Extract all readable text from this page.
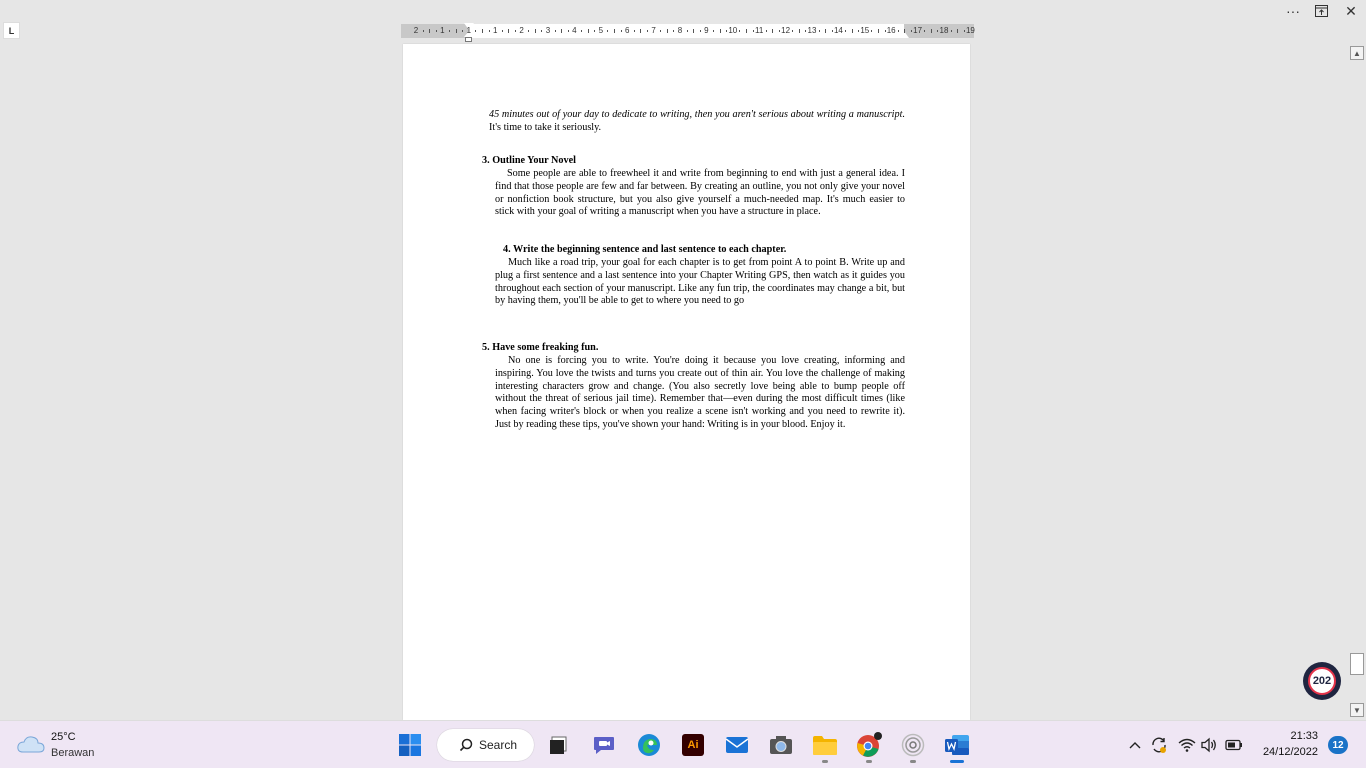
L
···	✕
2	1	1	1	2	3	4	5	6	7	8	9 10 11 12 13 14 15 16 17 18 19
45 minutes out of your day to dedicate to writing, then you aren't serious about writing a manuscript. It's time to take it seriously.
3. Outline Your Novel
Some people are able to freewheel it and write from beginning to end with just a general idea. I find that those people are few and far between. By creating an outline, you not only give your novel or nonfiction book structure, but you also give yourself a much-needed map. It's much easier to stick with your goal of writing a manuscript when you have a structure in place.
4. Write the beginning sentence and last sentence to each chapter.
Much like a road trip, your goal for each chapter is to get from point A to point B. Write up and plug a first sentence and a last sentence into your Chapter Writing GPS, then watch as it guides you throughout each section of your manuscript. Like any fun trip, the coordinates may change a bit, but by having them, you'll be able to get to where you need to go
5. Have some freaking fun.
No one is forcing you to write. You're doing it because you love creating, informing and inspiring. You love the twists and turns you create out of thin air. You love the challenge of making interesting characters grow and change. (You also secretly love being able to bump people off without the threat of serious jail time). Remember that—even during the most difficult times (like when facing writer's block or when you realize a scene isn't working and you need to rewrite it). Just by reading these tips, you've shown your hand: Writing is in your blood. Enjoy it.
▲
▼
202
25°C
Berawan
Search	Ai
21:33
24/12/2022
12
